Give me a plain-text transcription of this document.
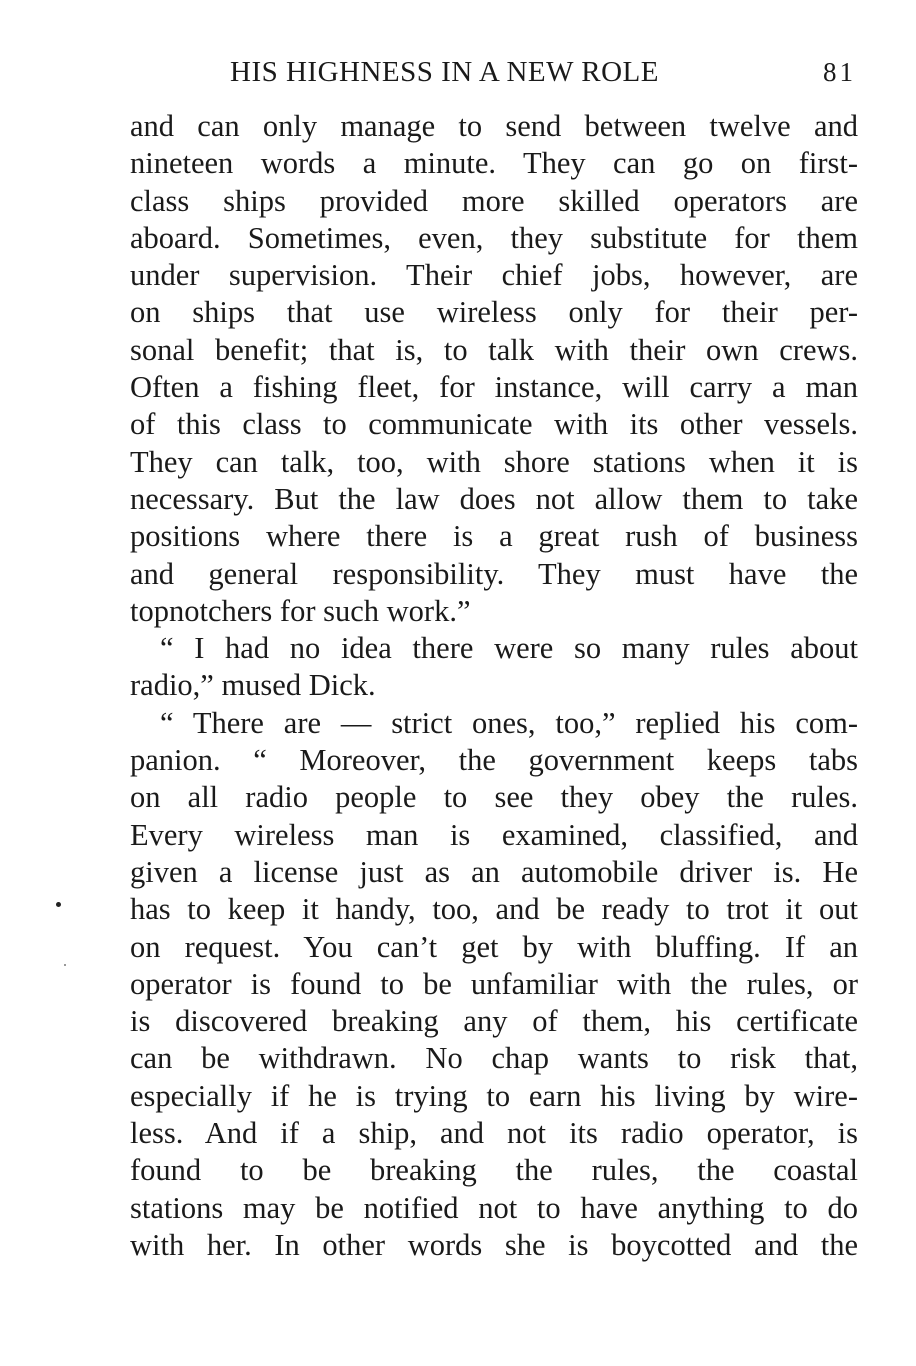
HIS HIGHNESS IN A NEW ROLE	81
and can only manage to send between twelve and
nineteen words a minute. They can go on first-
class ships provided more skilled operators are
aboard. Sometimes, even, they substitute for them
under supervision. Their chief jobs, however, are
on ships that use wireless only for their per-
sonal benefit; that is, to talk with their own crews.
Often a fishing fleet, for instance, will carry a man
of this class to communicate with its other vessels.
They can talk, too, with shore stations when it is
necessary. But the law does not allow them to take
positions where there is a great rush of business
and general responsibility. They must have the
topnotchers for such work.”
“ I had no idea there were so many rules about
radio,” mused Dick.
“ There are — strict ones, too,” replied his com-
panion. “ Moreover, the government keeps tabs
on all radio people to see they obey the rules.
Every wireless man is examined, classified, and
given a license just as an automobile driver is. He
has to keep it handy, too, and be ready to trot it out
on request. You can’t get by with bluffing. If an
operator is found to be unfamiliar with the rules, or
is discovered breaking any of them, his certificate
can be withdrawn. No chap wants to risk that,
especially if he is trying to earn his living by wire-
less. And if a ship, and not its radio operator, is
found to be breaking the rules, the coastal
stations may be notified not to have anything to do
with her. In other words she is boycotted and the
